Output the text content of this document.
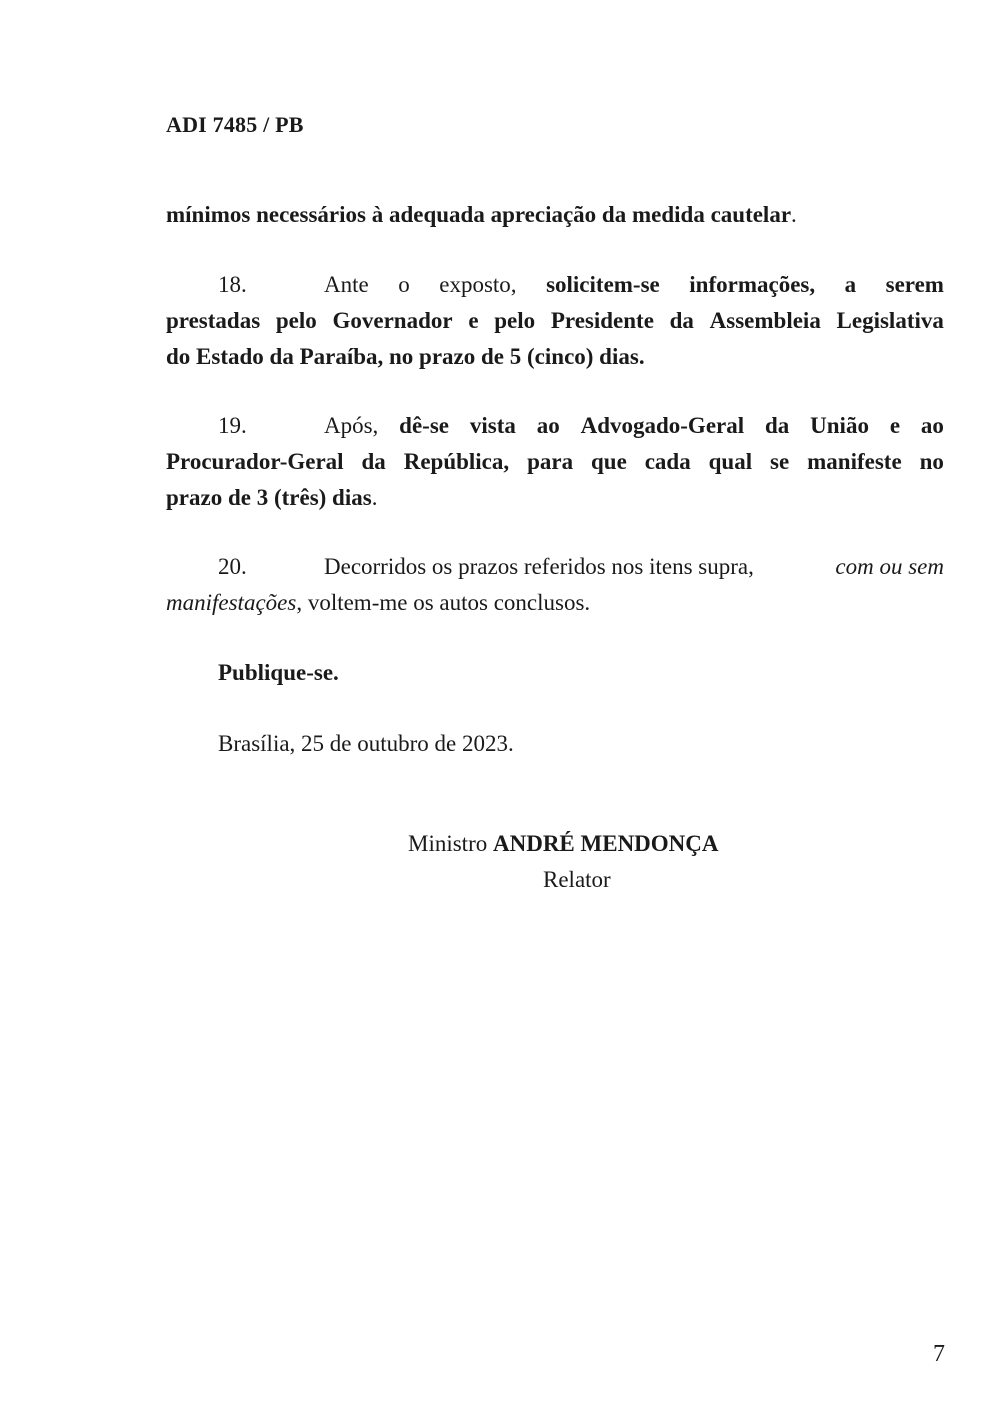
ADI 7485 / PB
mínimos necessários à adequada apreciação da medida cautelar.
18.	Ante o exposto, solicitem-se informações, a serem
prestadas pelo Governador e pelo Presidente da Assembleia Legislativa
do Estado da Paraíba, no prazo de 5 (cinco) dias.
19.	Após, dê-se vista ao Advogado-Geral da União e ao
Procurador-Geral da República, para que cada qual se manifeste no
prazo de 3 (três) dias.
20.	Decorridos os prazos referidos nos itens supra,	com ou sem
manifestações, voltem-me os autos conclusos.
Publique-se.
Brasília, 25 de outubro de 2023.
Ministro ANDRÉ MENDONÇA
Relator
7
